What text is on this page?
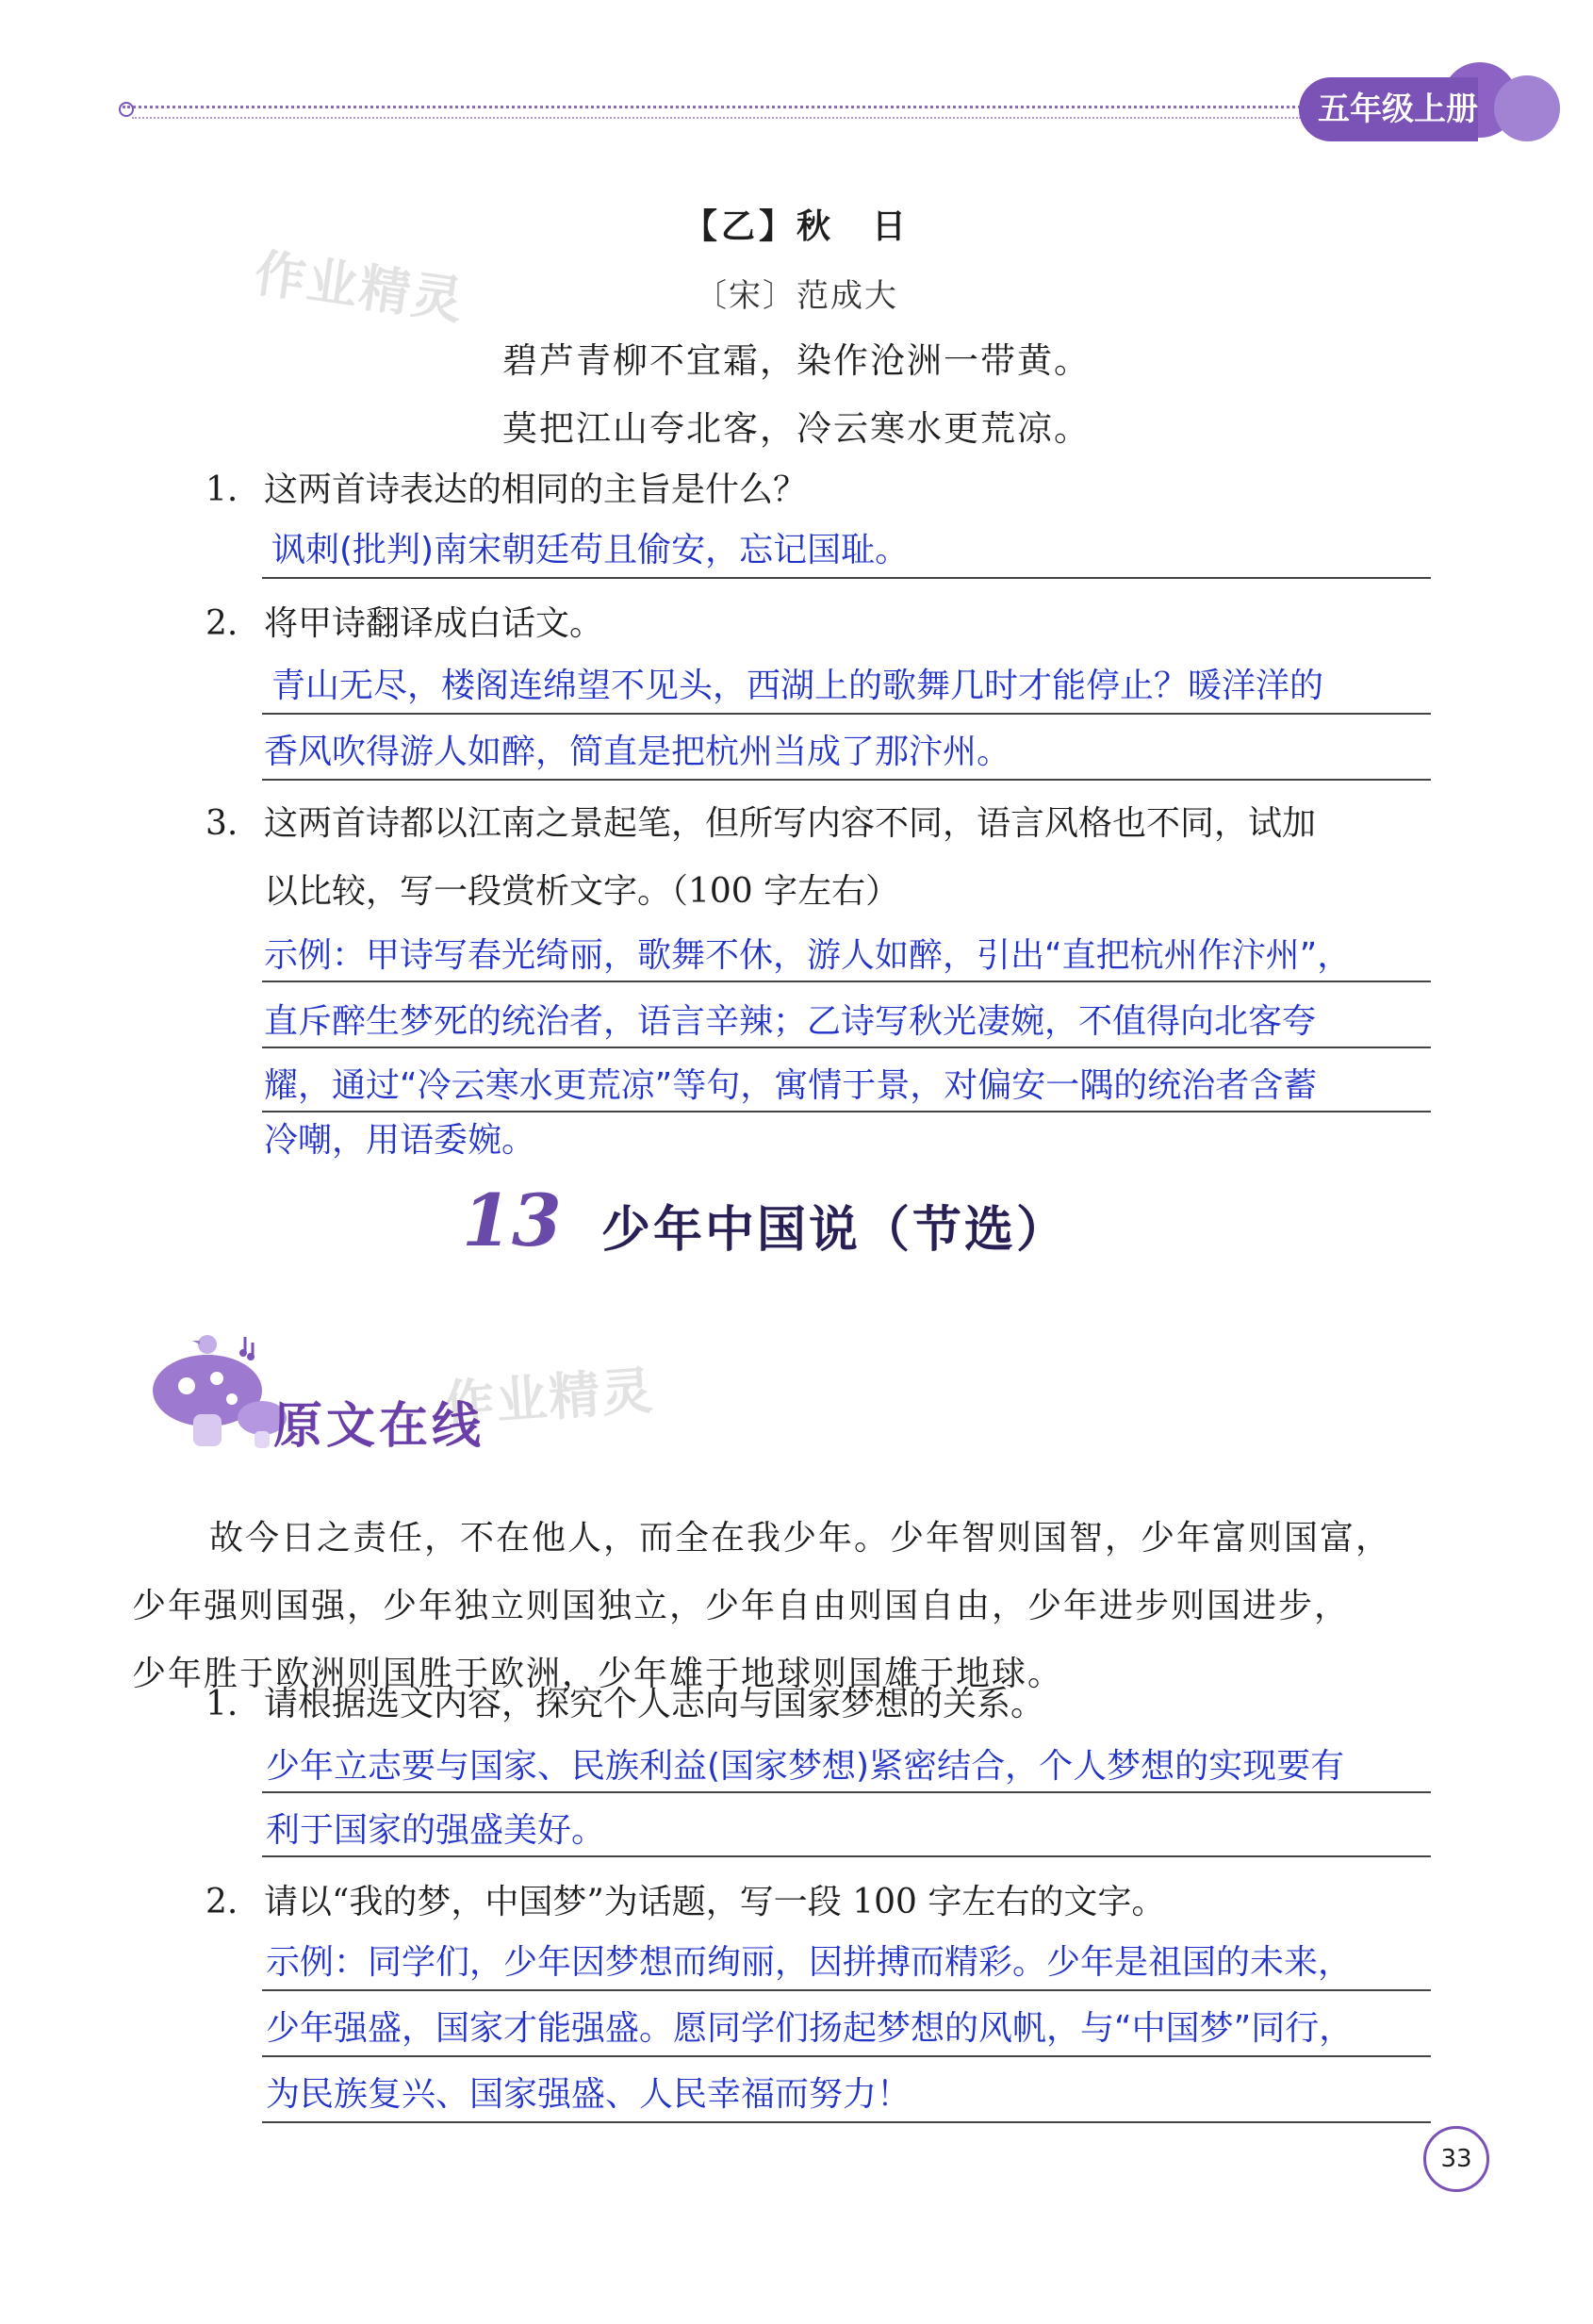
五年级上册
作业精灵
作业精灵
【乙】秋　日
〔宋〕范成大
碧芦青柳不宜霜，染作沧洲一带黄。
莫把江山夸北客，冷云寒水更荒凉。
1. 这两首诗表达的相同的主旨是什么？
讽刺(批判)南宋朝廷苟且偷安，忘记国耻。
2. 将甲诗翻译成白话文。
青山无尽，楼阁连绵望不见头，西湖上的歌舞几时才能停止？暖洋洋的
香风吹得游人如醉，简直是把杭州当成了那汴州。
3. 这两首诗都以江南之景起笔，但所写内容不同，语言风格也不同，试加
以比较，写一段赏析文字。（100 字左右）
示例：甲诗写春光绮丽，歌舞不休，游人如醉，引出“直把杭州作汴州”，
直斥醉生梦死的统治者，语言辛辣；乙诗写秋光凄婉，不值得向北客夸
耀，通过“冷云寒水更荒凉”等句，寓情于景，对偏安一隅的统治者含蓄
冷嘲，用语委婉。
13 少年中国说（节选）
原文在线
故今日之责任，不在他人，而全在我少年。少年智则国智，少年富则国富，
少年强则国强，少年独立则国独立，少年自由则国自由，少年进步则国进步，
少年胜于欧洲则国胜于欧洲，少年雄于地球则国雄于地球。
1. 请根据选文内容，探究个人志向与国家梦想的关系。
少年立志要与国家、民族利益(国家梦想)紧密结合，个人梦想的实现要有
利于国家的强盛美好。
2. 请以“我的梦，中国梦”为话题，写一段 100 字左右的文字。
示例：同学们，少年因梦想而绚丽，因拼搏而精彩。少年是祖国的未来，
少年强盛，国家才能强盛。愿同学们扬起梦想的风帆，与“中国梦”同行，
为民族复兴、国家强盛、人民幸福而努力！
33
